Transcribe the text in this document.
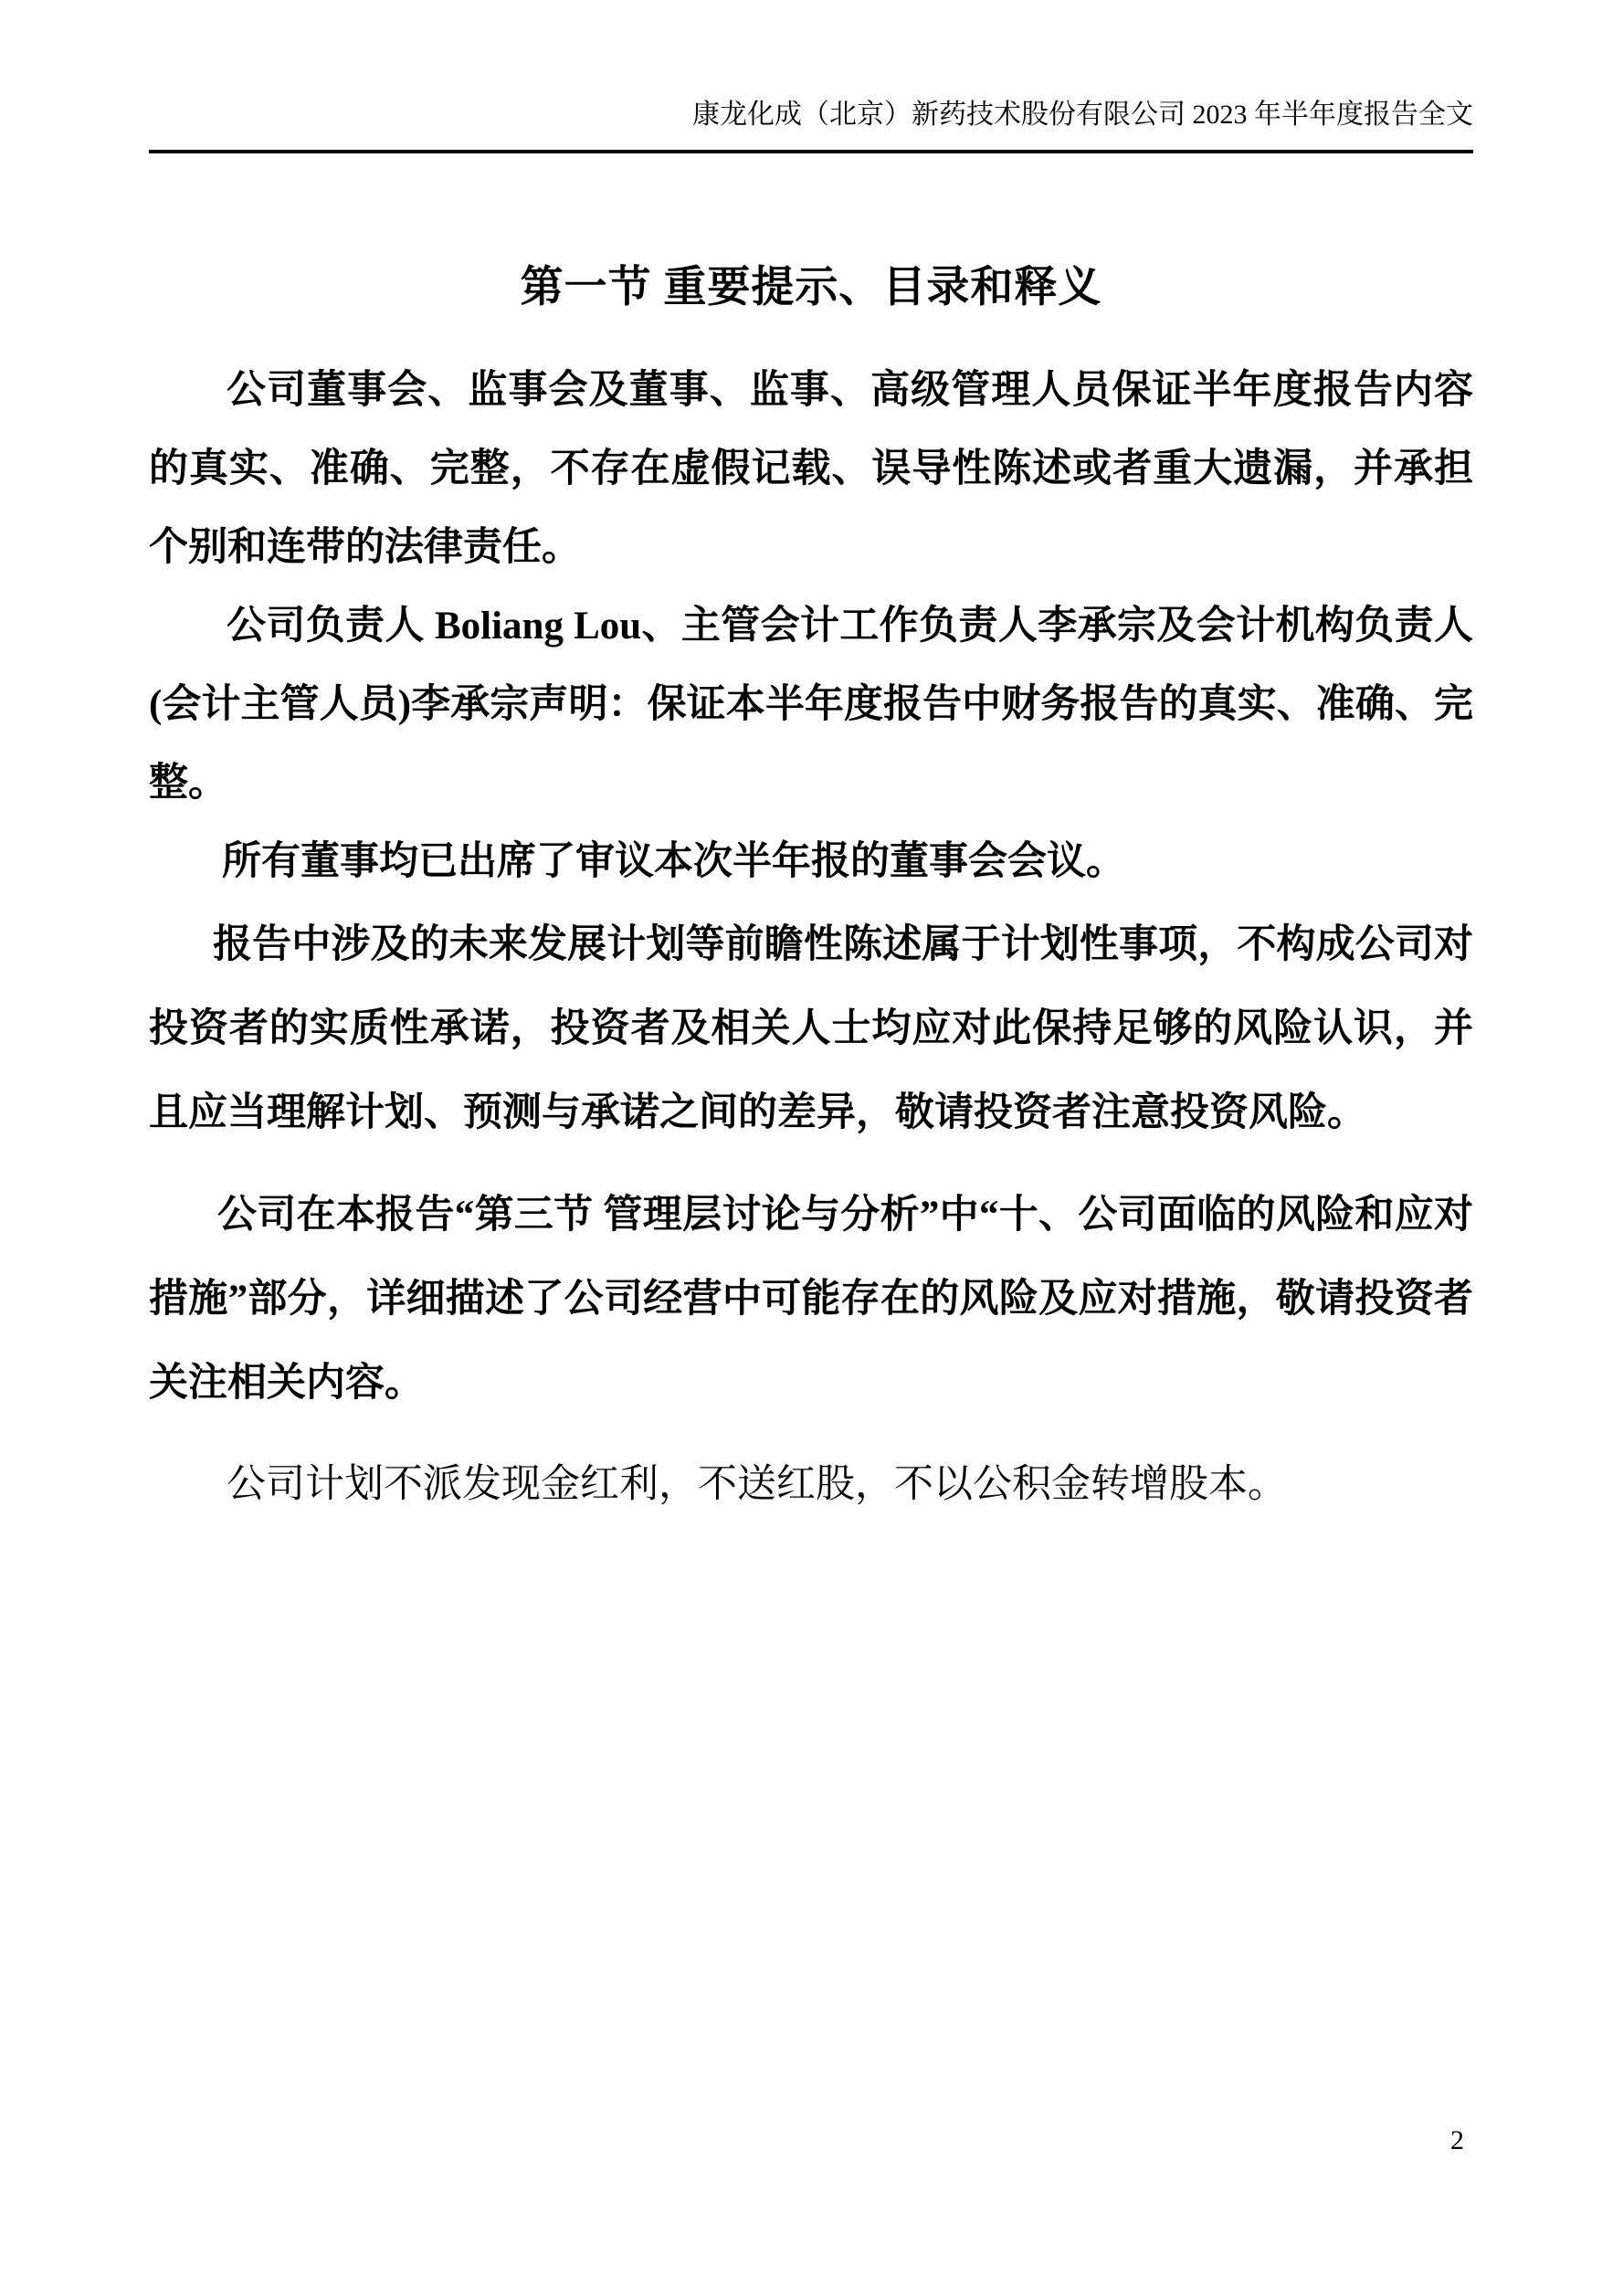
康龙化成（北京）新药技术股份有限公司 2023 年半年度报告全文
第一节 重要提示、目录和释义

公司董事会、监事会及董事、监事、高级管理人员保证半年度报告内容的真实、准确、完整，不存在虚假记载、误导性陈述或者重大遗漏，并承担个别和连带的法律责任。

公司负责人 Boliang Lou、主管会计工作负责人李承宗及会计机构负责人(会计主管人员)李承宗声明：保证本半年度报告中财务报告的真实、准确、完整。

所有董事均已出席了审议本次半年报的董事会会议。

报告中涉及的未来发展计划等前瞻性陈述属于计划性事项，不构成公司对投资者的实质性承诺，投资者及相关人士均应对此保持足够的风险认识，并且应当理解计划、预测与承诺之间的差异，敬请投资者注意投资风险。

公司在本报告“第三节 管理层讨论与分析”中“十、公司面临的风险和应对措施”部分，详细描述了公司经营中可能存在的风险及应对措施，敬请投资者关注相关内容。

公司计划不派发现金红利，不送红股，不以公积金转增股本。

2
